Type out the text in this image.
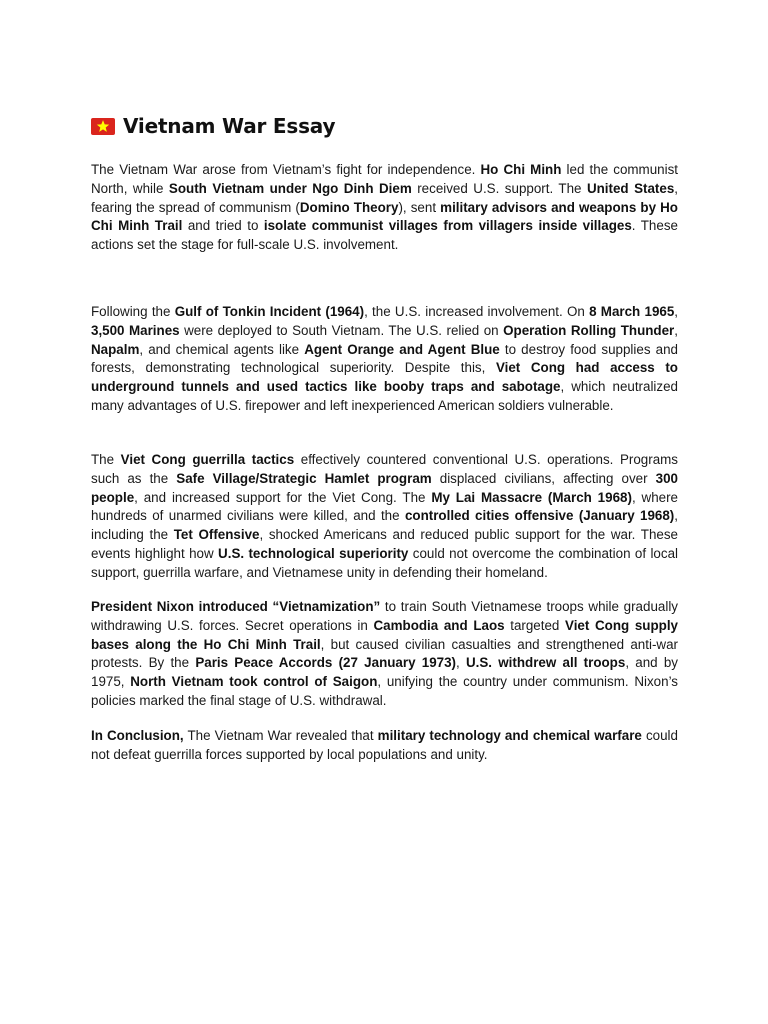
Vietnam War Essay

The Vietnam War arose from Vietnam’s fight for independence. Ho Chi Minh led the communist North, while South Vietnam under Ngo Dinh Diem received U.S. support. The United States, fearing the spread of communism (Domino Theory), sent military advisors and weapons by Ho Chi Minh Trail and tried to isolate communist villages from villagers inside villages. These actions set the stage for full-scale U.S. involvement.

Following the Gulf of Tonkin Incident (1964), the U.S. increased involvement. On 8 March 1965, 3,500 Marines were deployed to South Vietnam. The U.S. relied on Operation Rolling Thunder, Napalm, and chemical agents like Agent Orange and Agent Blue to destroy food supplies and forests, demonstrating technological superiority. Despite this, Viet Cong had access to underground tunnels and used tactics like booby traps and sabotage, which neutralized many advantages of U.S. firepower and left inexperienced American soldiers vulnerable.

The Viet Cong guerrilla tactics effectively countered conventional U.S. operations. Programs such as the Safe Village/Strategic Hamlet program displaced civilians, affecting over 300 people, and increased support for the Viet Cong. The My Lai Massacre (March 1968), where hundreds of unarmed civilians were killed, and the controlled cities offensive (January 1968), including the Tet Offensive, shocked Americans and reduced public support for the war. These events highlight how U.S. technological superiority could not overcome the combination of local support, guerrilla warfare, and Vietnamese unity in defending their homeland.

President Nixon introduced “Vietnamization” to train South Vietnamese troops while gradually withdrawing U.S. forces. Secret operations in Cambodia and Laos targeted Viet Cong supply bases along the Ho Chi Minh Trail, but caused civilian casualties and strengthened anti-war protests. By the Paris Peace Accords (27 January 1973), U.S. withdrew all troops, and by 1975, North Vietnam took control of Saigon, unifying the country under communism. Nixon’s policies marked the final stage of U.S. withdrawal.

In Conclusion, The Vietnam War revealed that military technology and chemical warfare could not defeat guerrilla forces supported by local populations and unity.
